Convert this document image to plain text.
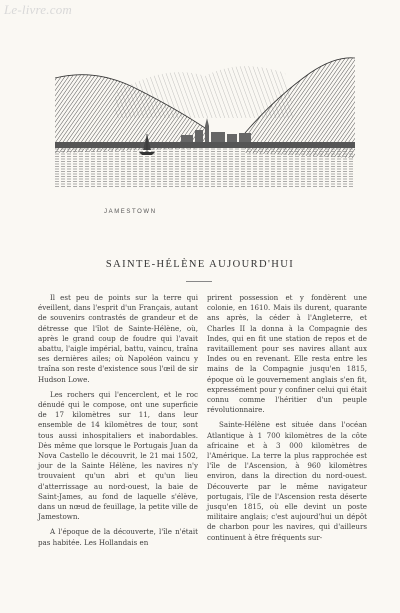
Le-livre.com
JAMESTOWN
SAINTE-HÉLÈNE AUJOURD'HUI

Il est peu de points sur la terre qui éveillent, dans l'esprit d'un Français, autant de souvenirs contrastés de grandeur et de détresse que l'îlot de Sainte-Hélène, où, après le grand coup de foudre qui l'avait abattu, l'aigle impérial, battu, vaincu, traîna ses dernières ailes; où Napoléon vaincu y traîna son reste d'existence sous l'œil de sir Hudson Lowe.

Les rochers qui l'encerclent, et le roc dénudé qui le compose, ont une superficie de 17 kilomètres sur 11, dans leur ensemble de 14 kilomètres de tour, sont tous aussi inhospitaliers et inabordables. Dès même que lorsque le Portugais Juan da Nova Castello le découvrit, le 21 mai 1502, jour de la Sainte Hélène, les navires n'y trouvaient qu'un abri et qu'un lieu d'atterrissage au nord-ouest, la baie de Saint-James, au fond de laquelle s'élève, dans un nœud de feuillage, la petite ville de Jamestown.

A l'époque de la découverte, l'île n'était pas habitée. Les Hollandais en

prirent possession et y fondèrent une colonie, en 1610. Mais ils durent, quarante ans après, la céder à l'Angleterre, et Charles II la donna à la Compagnie des Indes, qui en fit une station de repos et de ravitaillement pour ses navires allant aux Indes ou en revenant. Elle resta entre les mains de la Compagnie jusqu'en 1815, époque où le gouvernement anglais s'en fit, expressément pour y confiner celui qui était connu comme l'héritier d'un peuple révolutionnaire.

Sainte-Hélène est située dans l'océan Atlantique à 1 700 kilomètres de la côte africaine et à 3 000 kilomètres de l'Amérique. La terre la plus rapprochée est l'île de l'Ascension, à 960 kilomètres environ, dans la direction du nord-ouest. Découverte par le même navigateur portugais, l'île de l'Ascension resta déserte jusqu'en 1815, où elle devint un poste militaire anglais; c'est aujourd'hui un dépôt de charbon pour les navires, qui d'ailleurs continuent à être fréquents sur-
